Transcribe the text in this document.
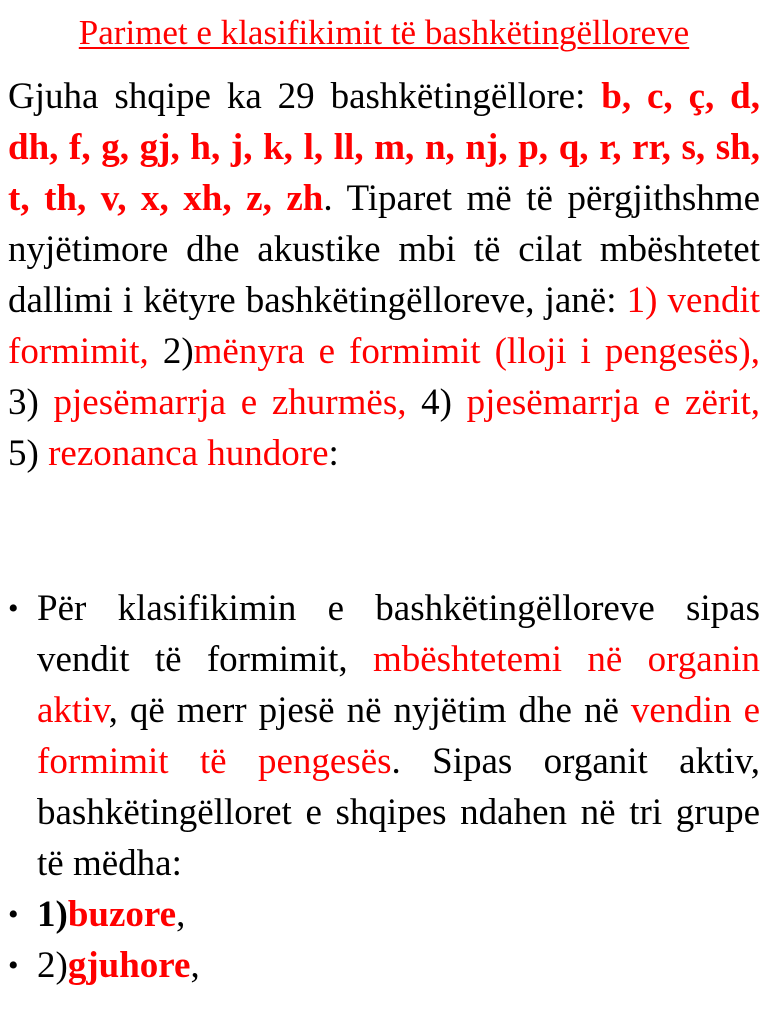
Parimet e klasifikimit të bashkëtingëlloreve

Gjuha shqipe ka 29 bashkëtingëllore: b, c, ç, d, dh, f, g, gj, h, j, k, l, ll, m, n, nj, p, q, r, rr, s, sh, t, th, v, x, xh, z, zh. Tiparet më të përgjithshme nyjëtimore dhe akustike mbi të cilat mbështetet dallimi i këtyre bashkëtingëlloreve, janë: 1) vendit formimit, 2)mënyra e formimit (lloji i pengesës), 3) pjesëmarrja e zhurmës, 4) pjesëmarrja e zërit, 5) rezonanca hundore:

• Për klasifikimin e bashkëtingëlloreve sipas vendit të formimit, mbështetemi në organin aktiv, që merr pjesë në nyjëtim dhe në vendin e formimit të pengesës. Sipas organit aktiv, bashkëtingëlloret e shqipes ndahen në tri grupe të mëdha:
• 1)buzore,
• 2)gjuhore,
